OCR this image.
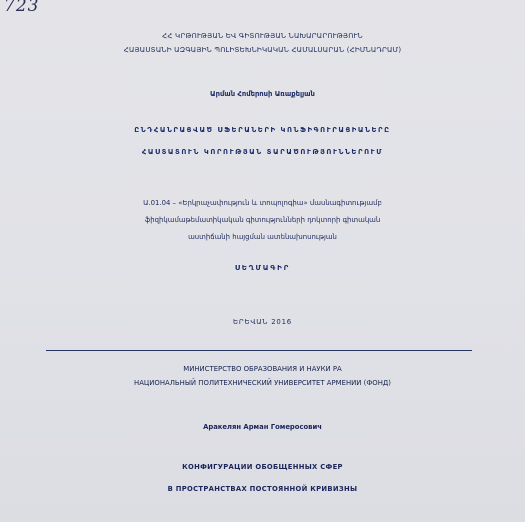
723
ՀՀ ԿՐԹՈՒԹՅԱՆ ԵՎ ԳԻՏՈՒԹՅԱՆ ՆԱԽԱՐԱՐՈՒԹՅՈՒՆ
ՀԱՅԱՍՏԱՆԻ ԱԶԳԱՅԻՆ ՊՈԼԻՏԵԽՆԻԿԱԿԱՆ ՀԱՄԱԼՍԱՐԱՆ (ՀԻՄՆԱԴՐԱՄ)
Արման Հոմերոսի Առաքելյան
ԸՆԴՀԱՆՐԱՑՎԱԾ ՍՖԵՐԱՆԵՐԻ ԿՈՆՖԻԳՈՒՐԱՑԻԱՆԵՐԸ
ՀԱՍՏԱՏՈՒՆ ԿՈՐՈՒԹՅԱՆ ՏԱՐԱԾՈՒԹՅՈՒՆՆԵՐՈՒՄ
Ա.01.04 – «Երկրաչափություն և տոպոլոգիա» մասնագիտությամբ
ֆիզիկամաթեմատիկական գիտությունների դոկտորի գիտական
աստիճանի հայցման ատենախոսության
ՍԵՂՄԱԳԻՐ
ԵՐԵՎԱՆ 2016
МИНИСТЕРСТВО ОБРАЗОВАНИЯ И НАУКИ РА
НАЦИОНАЛЬНЫЙ ПОЛИТЕХНИЧЕСКИЙ УНИВЕРСИТЕТ АРМЕНИИ (ФОНД)
Аракелян Арман Гомеросович
КОНФИГУРАЦИИ ОБОБЩЕННЫХ СФЕР
В ПРОСТРАНСТВАХ ПОСТОЯННОЙ КРИВИЗНЫ
